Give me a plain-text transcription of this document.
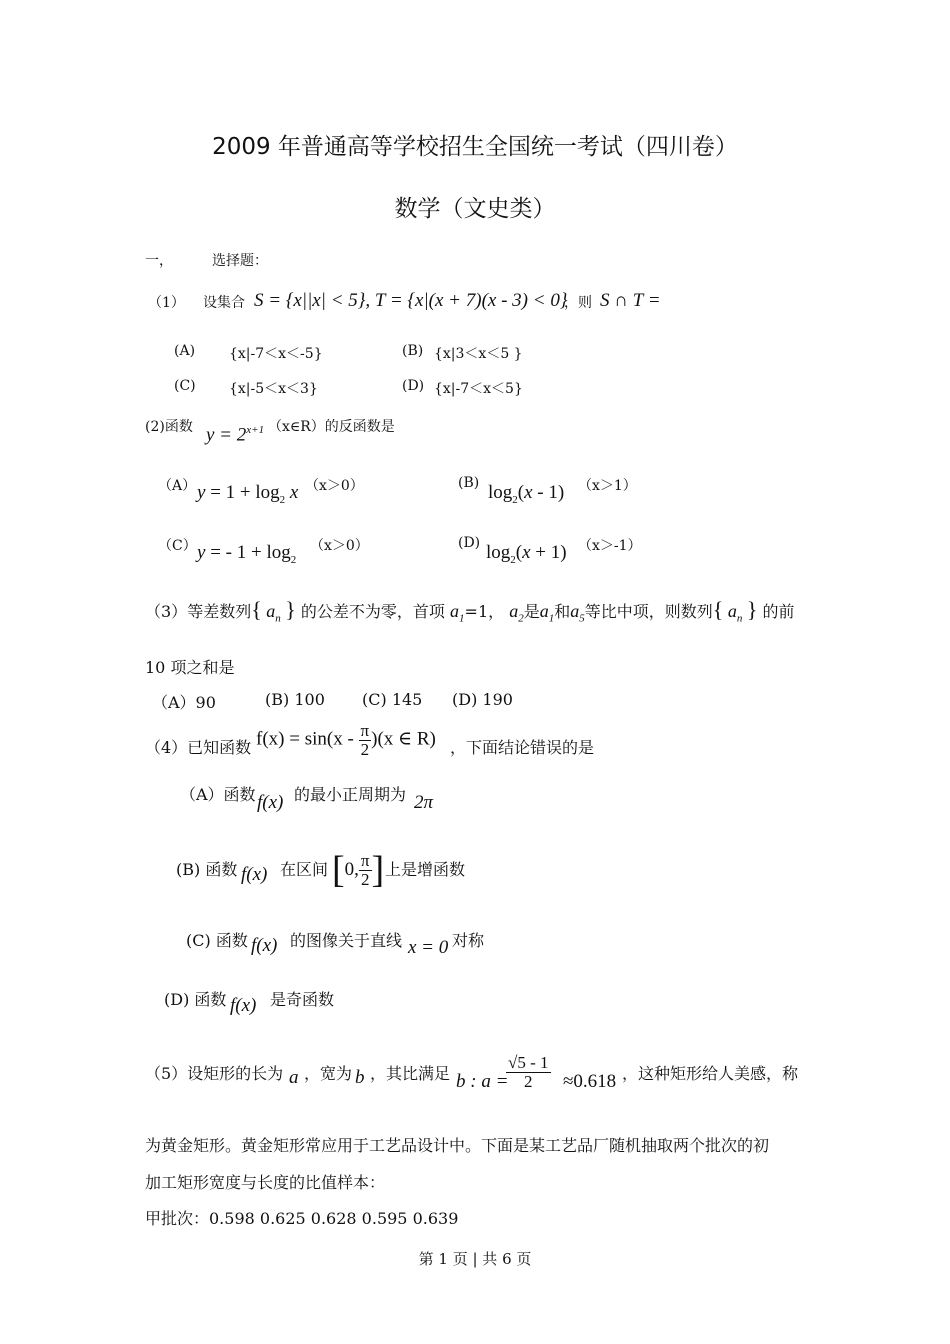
2009 年普通高等学校招生全国统一考试（四川卷）
数学（文史类）
一，	选择题：
（1） 设集合 S = {x||x| < 5}, T = {x|(x + 7)(x - 3) < 0}
，则 S ∩ T =
(A) {x|-7＜x＜-5}	(B) {x|3＜x＜5 }
(C) {x|-5＜x＜3}	(D) {x|-7＜x＜5}
(2)函数 $y = 2^{x+1}$ （x∈R）的反函数是
（A） $y = 1 + \log_2 x$ （x＞0）	(B) $\log_2(x - 1)$ （x＞1）
（C） y = - $1 + \log_2$
（x＞0）	(D) $\log_2(x + 1)$ （x＞-1）
（3）等差数列{ $a_n$ } 的公差不为零，首项 $a_1=1$， $a_2$是$a_1$和$a_5$等比中项，则数列{ $a_n$ } 的前
10 项之和是
（A）90	(B) 100 (C) 145 (D) 190
（4）已知函数 $f(x) = \sin(x - \frac{\pi}{2} )(x$ ∈ R) ，下面结论错误的是
（A）函数 f(x) 的最小正周期为 2π
(B) 函数 f(x) 在区间 [0, $\frac{\pi}{2}$ ] 上是增函数
(C) 函数 f(x) 的图像关于直线 x = 0 对称
(D) 函数 f(x) 是奇函数
（5）设矩形的长为 a ，宽为 b ，其比满足 b : a =
$\frac{√5 - 1}{2} \approx 0.618$ ，这种矩形给人美感，称
为黄金矩形。黄金矩形常应用于工艺品设计中。下面是某工艺品厂随机抽取两个批次的初
加工矩形宽度与长度的比值样本：
甲批次：0.598 0.625 0.628 0.595 0.639
第 1 页 | 共 6 页
